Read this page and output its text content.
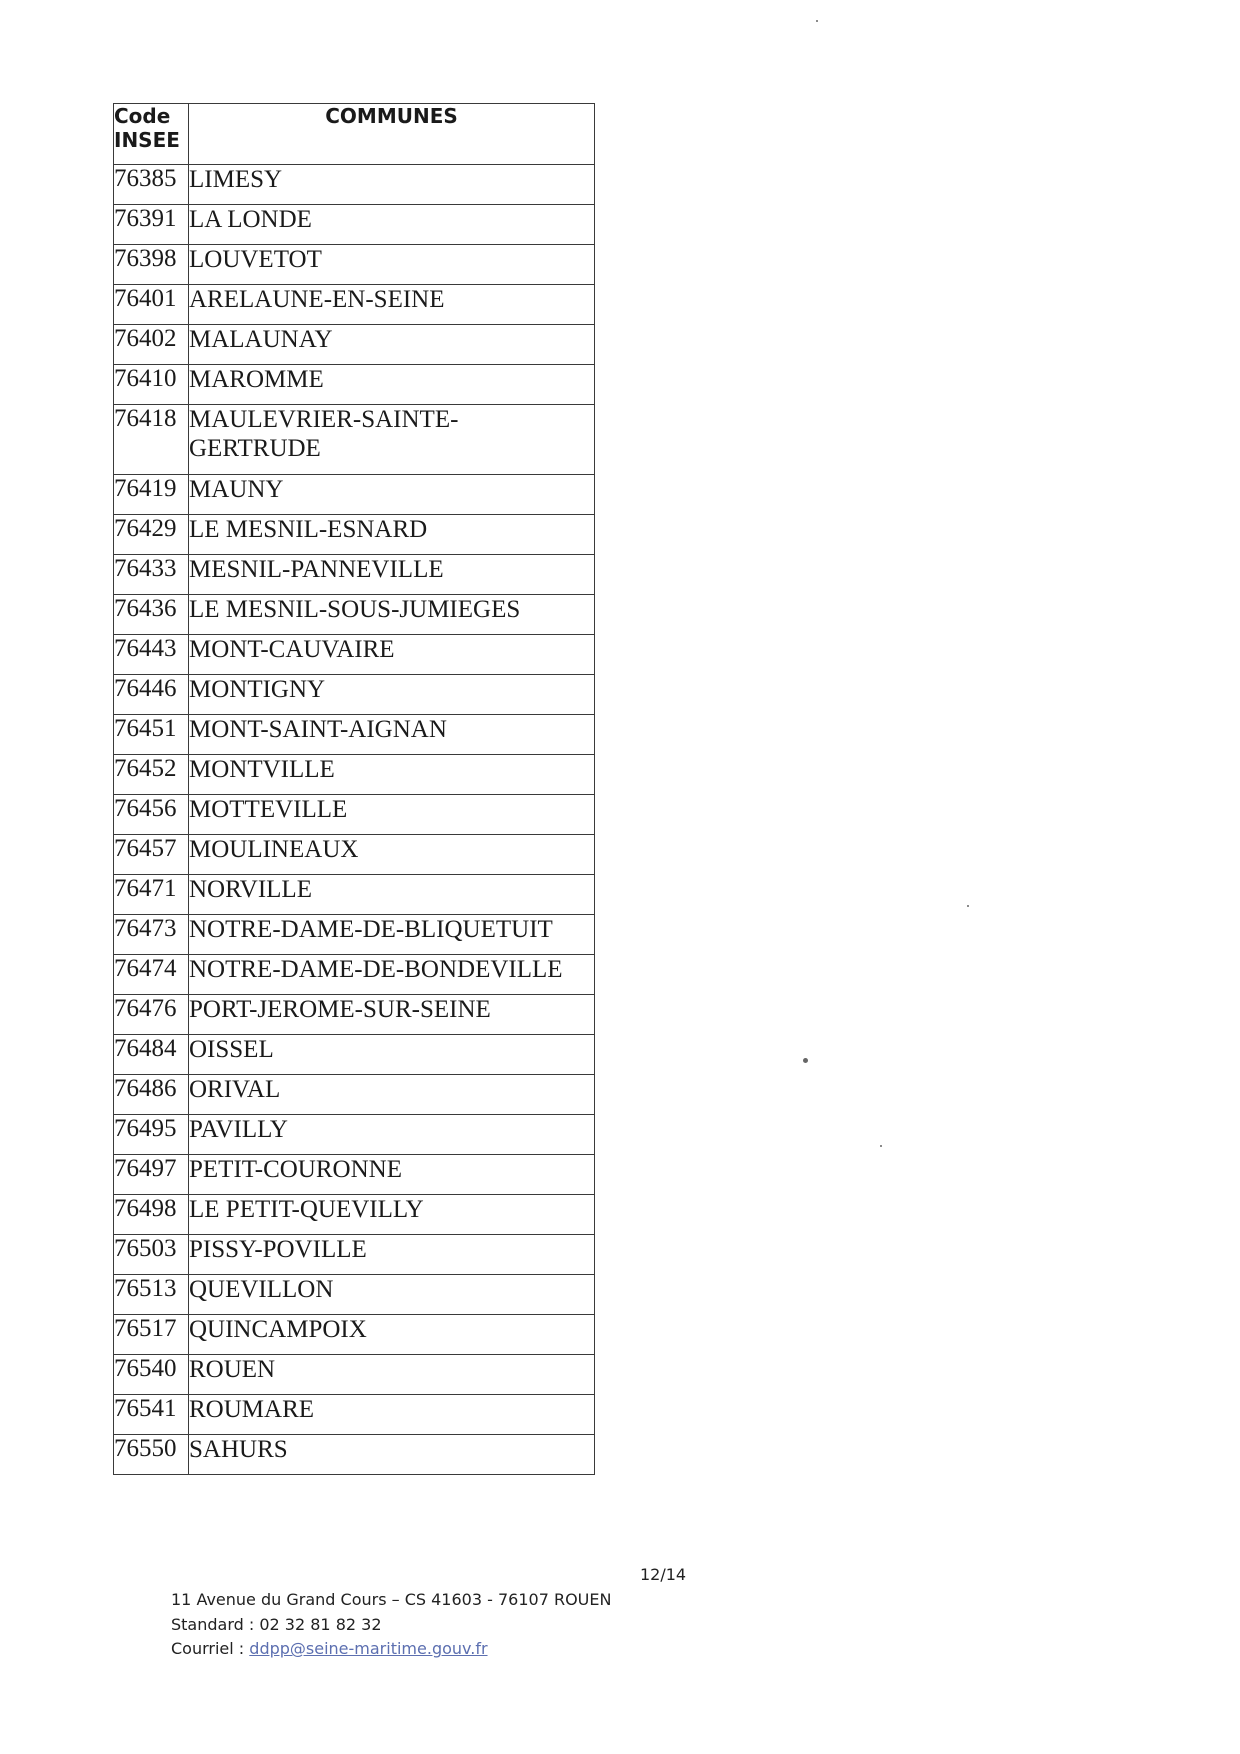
Code
INSEE	COMMUNES
76385	LIMESY
76391	LA LONDE
76398	LOUVETOT
76401	ARELAUNE-EN-SEINE
76402	MALAUNAY
76410	MAROMME
76418	MAULEVRIER-SAINTE-
GERTRUDE
76419	MAUNY
76429	LE MESNIL-ESNARD
76433	MESNIL-PANNEVILLE
76436	LE MESNIL-SOUS-JUMIEGES
76443	MONT-CAUVAIRE
76446	MONTIGNY
76451	MONT-SAINT-AIGNAN
76452	MONTVILLE
76456	MOTTEVILLE
76457	MOULINEAUX
76471	NORVILLE
76473	NOTRE-DAME-DE-BLIQUETUIT
76474	NOTRE-DAME-DE-BONDEVILLE
76476	PORT-JEROME-SUR-SEINE
76484	OISSEL
76486	ORIVAL
76495	PAVILLY
76497	PETIT-COURONNE
76498	LE PETIT-QUEVILLY
76503	PISSY-POVILLE
76513	QUEVILLON
76517	QUINCAMPOIX
76540	ROUEN
76541	ROUMARE
76550	SAHURS
12/14
11 Avenue du Grand Cours – CS 41603 - 76107 ROUEN
Standard : 02 32 81 82 32
Courriel : ddpp@seine-maritime.gouv.fr
